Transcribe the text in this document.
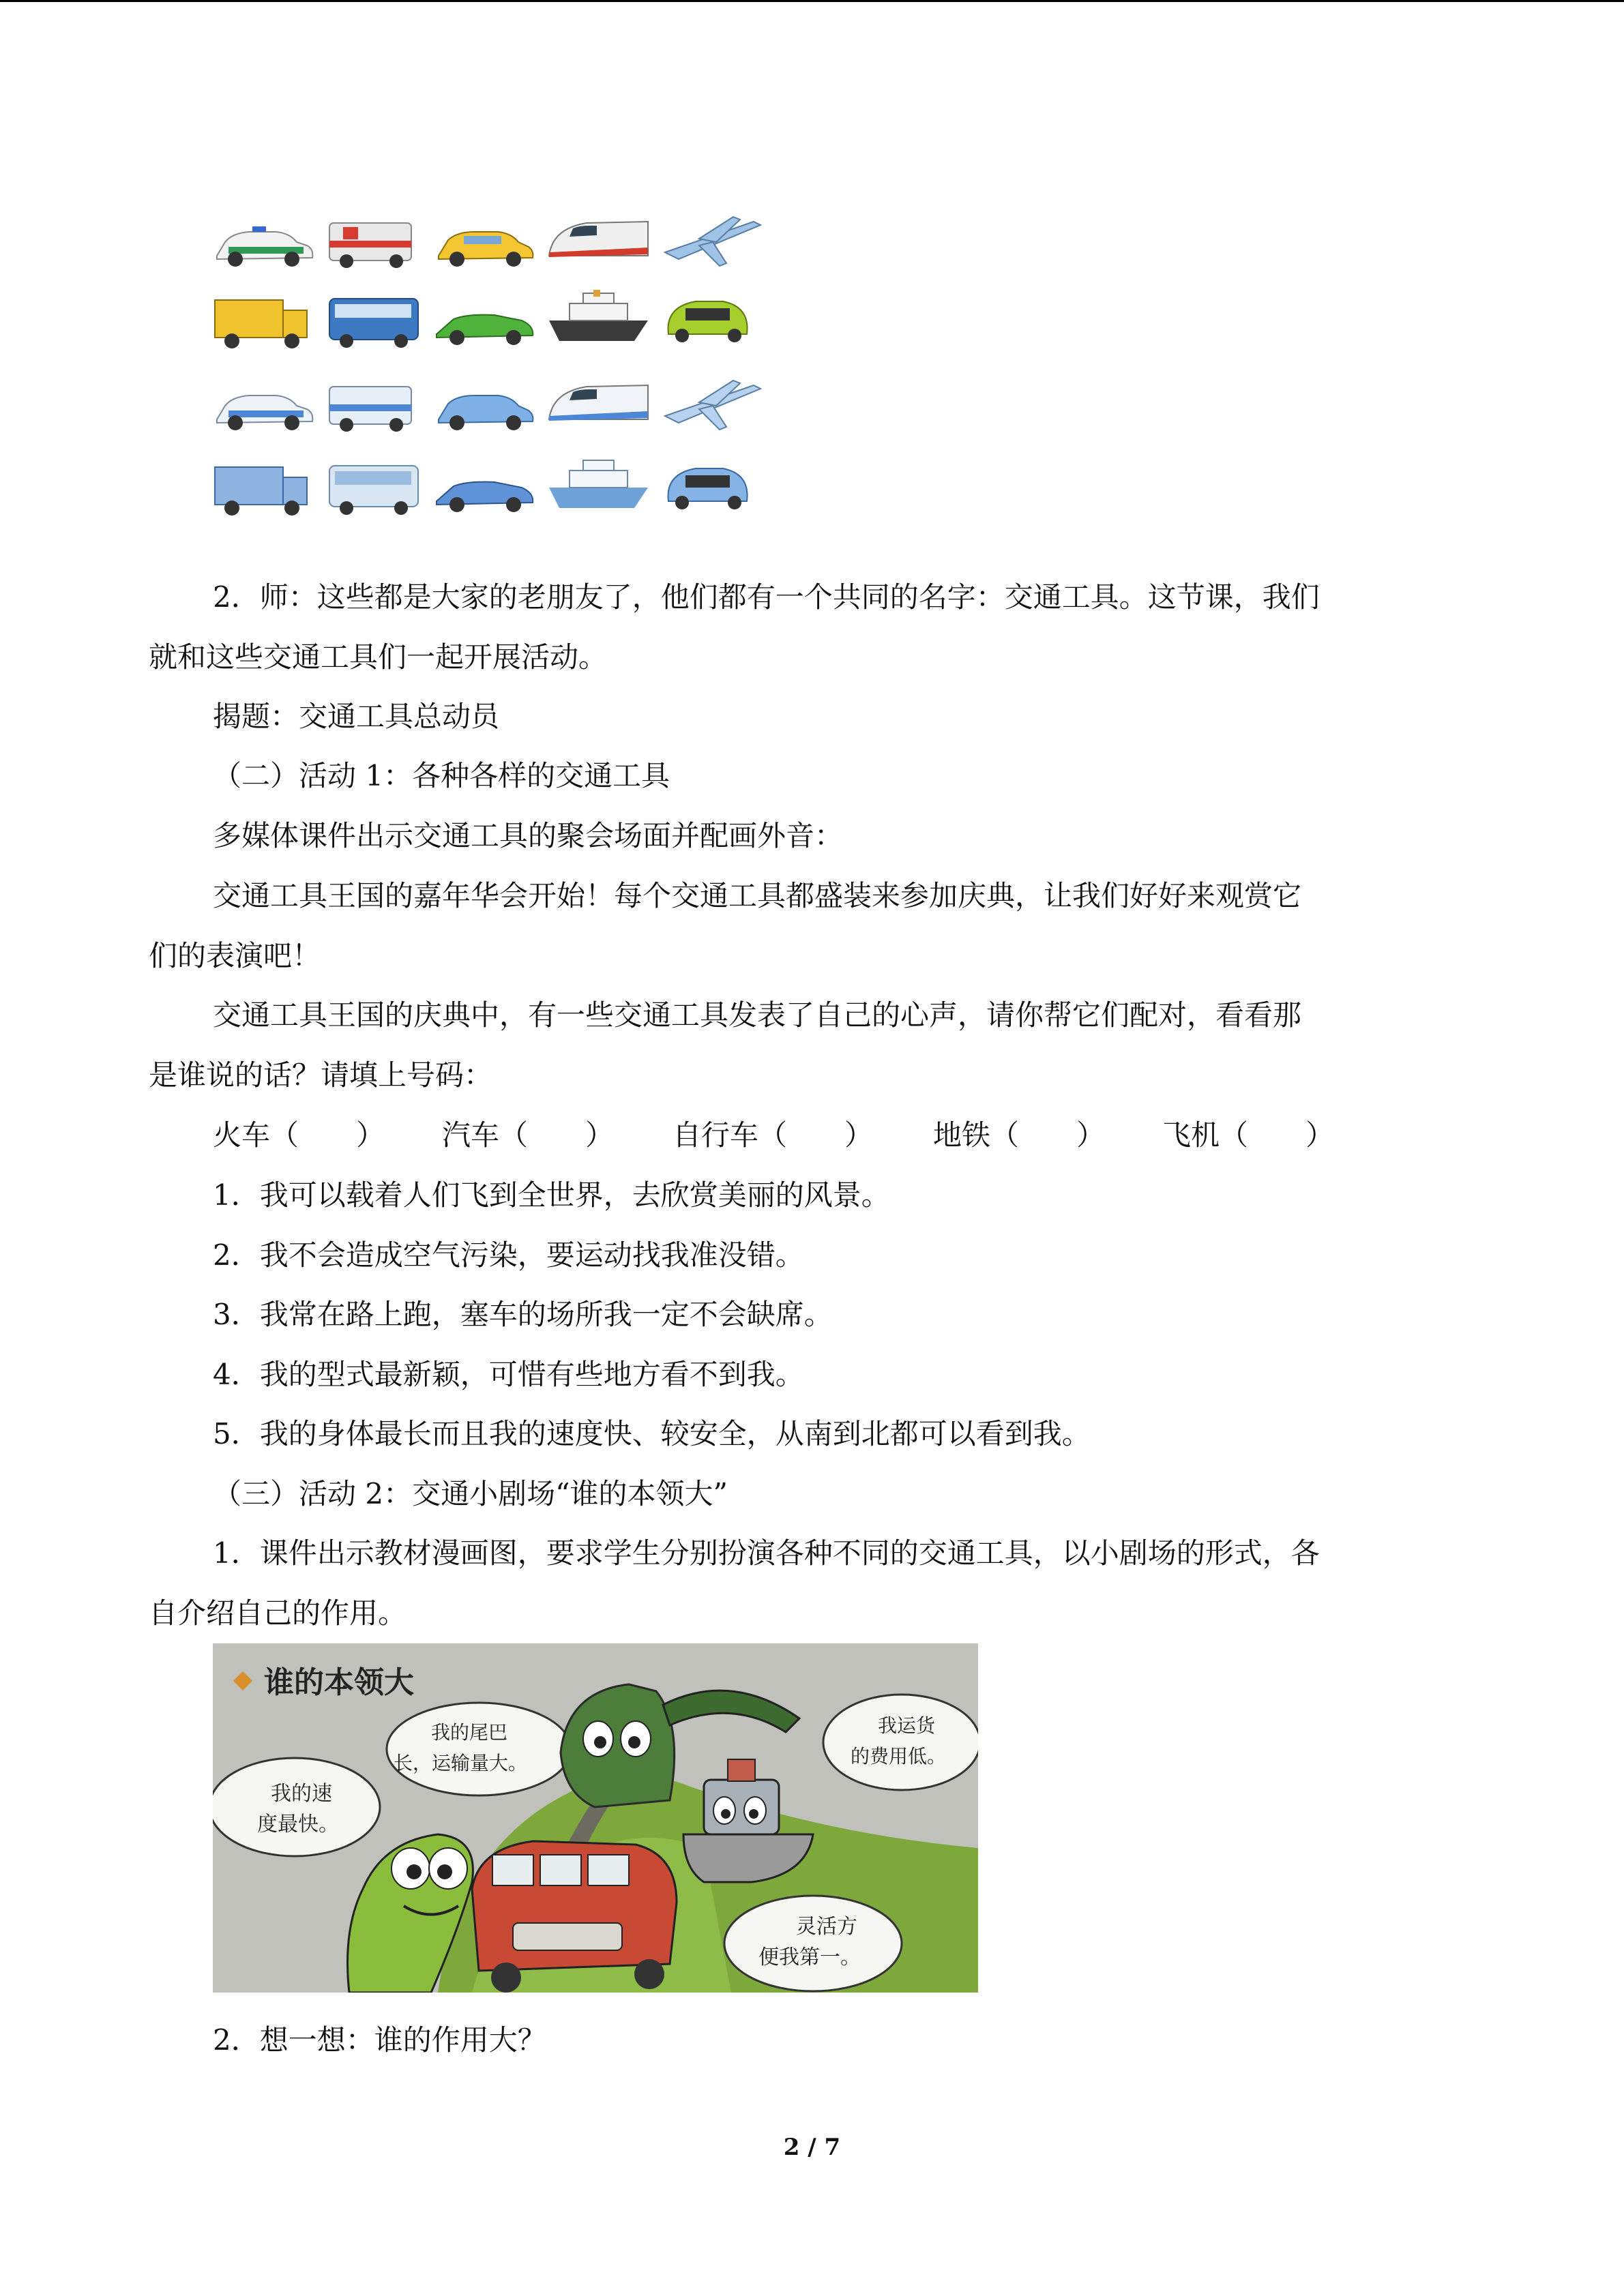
2．师：这些都是大家的老朋友了，他们都有一个共同的名字：交通工具。这节课，我们
就和这些交通工具们一起开展活动。
揭题：交通工具总动员
（二）活动 1：各种各样的交通工具
多媒体课件出示交通工具的聚会场面并配画外音：
交通工具王国的嘉年华会开始！每个交通工具都盛装来参加庆典，让我们好好来观赏它
们的表演吧！
交通工具王国的庆典中，有一些交通工具发表了自己的心声，请你帮它们配对，看看那
是谁说的话？请填上号码：
火车（　　） 汽车（　　） 自行车（　　） 地铁（　　） 飞机（　　）
1．我可以载着人们飞到全世界，去欣赏美丽的风景。
2．我不会造成空气污染，要运动找我准没错。
3．我常在路上跑，塞车的场所我一定不会缺席。
4．我的型式最新颖，可惜有些地方看不到我。
5．我的身体最长而且我的速度快、较安全，从南到北都可以看到我。
（三）活动 2：交通小剧场“谁的本领大”
1．课件出示教材漫画图，要求学生分别扮演各种不同的交通工具，以小剧场的形式，各
自介绍自己的作用。
谁的本领大
我的速
度最快。
我的尾巴
长，运输量大。
我运货
的费用低。
灵活方
便我第一。
2．想一想：谁的作用大？
2 / 7
